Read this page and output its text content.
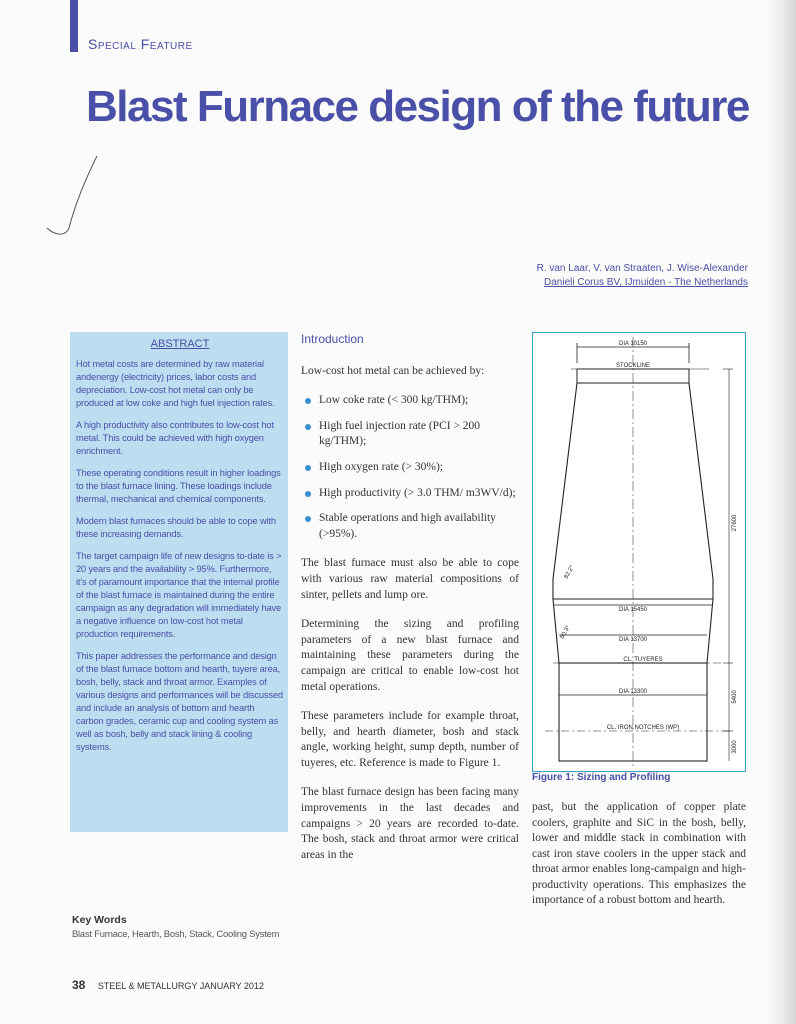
Special Feature
Blast Furnace design of the future
R. van Laar, V. van Straaten, J. Wise-Alexander
Danieli Corus BV, IJmuiden - The Netherlands
ABSTRACT

Hot metal costs are determined by raw material andenergy (electricity) prices, labor costs and depreciation. Low-cost hot metal can only be produced at low coke and high fuel injection rates.

A high productivity also contributes to low-cost hot metal. This could be achieved with high oxygen enrichment.

These operating conditions result in higher loadings to the blast furnace lining. These loadings include thermal, mechanical and chemical components.

Modern blast furnaces should be able to cope with these increasing demands.

The target campaign life of new designs to-date is > 20 years and the availability > 95%. Furthermore, it's of paramount importance that the internal profile of the blast furnace is maintained during the entire campaign as any degradation will immediately have a negative influence on low-cost hot metal production requirements.

This paper addresses the performance and design of the blast furnace bottom and hearth, tuyere area, bosh, belly, stack and throat armor. Examples of various designs and performances will be discussed and include an analysis of bottom and hearth carbon grades, ceramic cup and cooling system as well as bosh, belly and stack lining & cooling systems.

Key Words
Blast Furnace, Hearth, Bosh, Stack, Cooling System
38 STEEL & METALLURGY JANUARY 2012
Introduction

Low-cost hot metal can be achieved by:

Low coke rate (< 300 kg/THM);
High fuel injection rate (PCI > 200 kg/THM);
High oxygen rate (> 30%);
High productivity (> 3.0 THM/ m3WV/d);
Stable operations and high availability (>95%).

The blast furnace must also be able to cope with various raw material compositions of sinter, pellets and lump ore.

Determining the sizing and profiling parameters of a new blast furnace and maintaining these parameters during the campaign are critical to enable low-cost hot metal operations.

These parameters include for example throat, belly, and hearth diameter, bosh and stack angle, working height, sump depth, number of tuyeres, etc. Reference is made to Figure 1.

The blast furnace design has been facing many improvements in the last decades and campaigns > 20 years are recorded to-date. The bosh, stack and throat armor were critical areas in the

DIA 10150
STOCKLINE
DIA 15450
DIA 13700
CL. TUYERES
DIA 13300
CL. IRON NOTCHES (WP)
27600
5400
3000
82.2°
80.3°
Figure 1: Sizing and Profiling

past, but the application of copper plate coolers, graphite and SiC in the bosh, belly, lower and middle stack in combination with cast iron stave coolers in the upper stack and throat armor enables long-campaign and high-productivity operations. This emphasizes the importance of a robust bottom and hearth.
